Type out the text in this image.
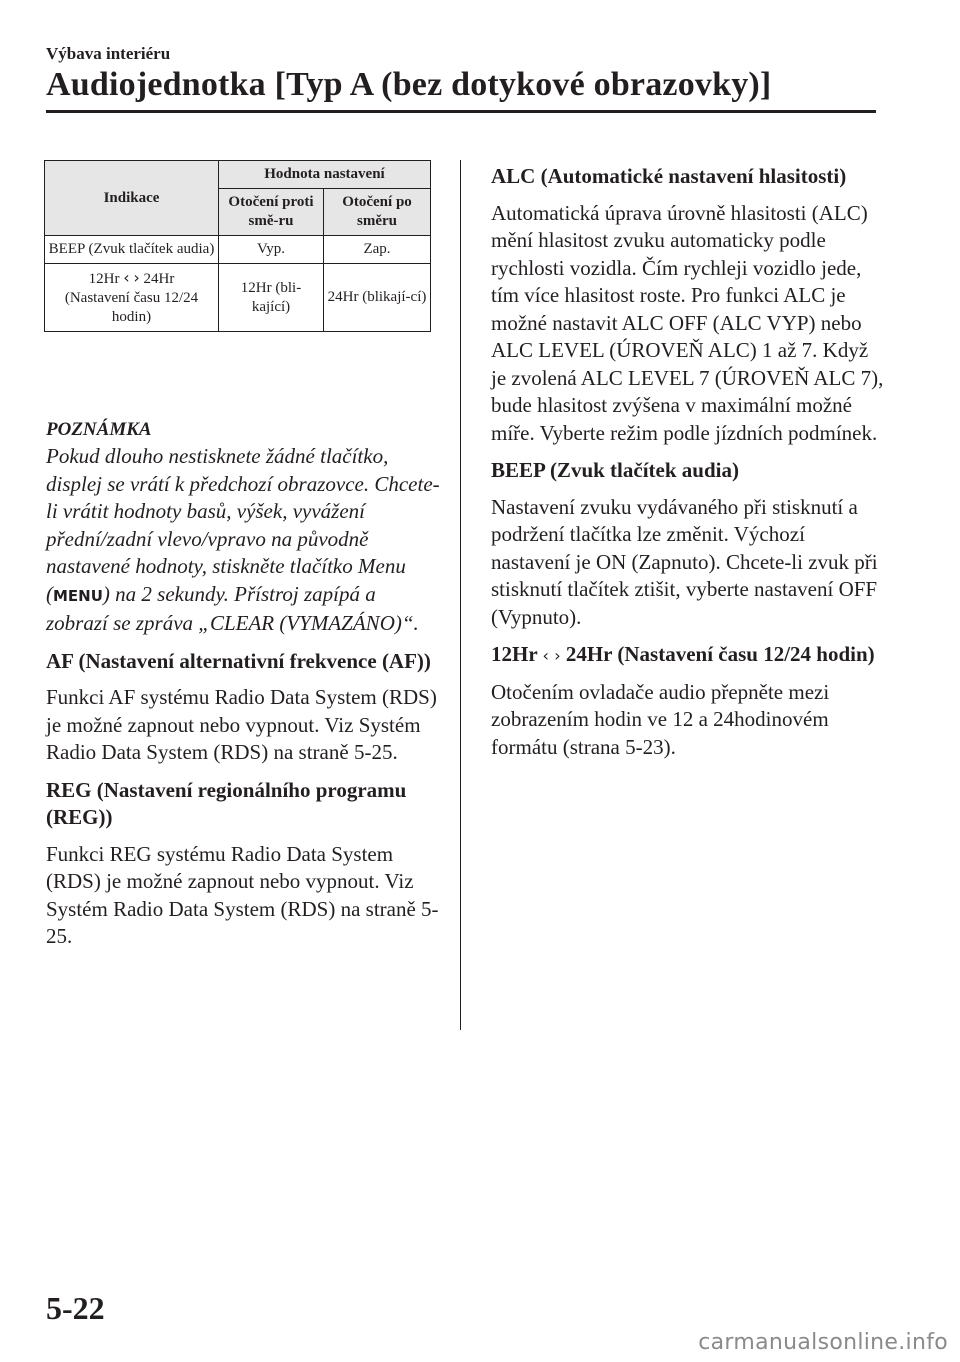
Výbava interiéru
Audiojednotka [Typ A (bez dotykové obrazovky)]
Indikace	Hodnota nastavení	
	Otočení proti smě-ru	Otočení po směru
BEEP (Zvuk tlačítek audia)	Vyp.	Zap.
12Hr ‹ › 24Hr
(Nastavení času 12/24 hodin)	12Hr (bli-kající)	24Hr (blikají-cí)

POZNÁMKA

Pokud dlouho nestisknete žádné tlačítko, displej se vrátí k předchozí obrazovce. Chcete-li vrátit hodnoty basů, výšek, vyvážení přední/zadní vlevo/vpravo na původně nastavené hodnoty, stiskněte tlačítko Menu (MENU) na 2 sekundy. Přístroj zapípá a zobrazí se zpráva „CLEAR (VYMAZÁNO)“.

AF (Nastavení alternativní frekvence (AF))

Funkci AF systému Radio Data System (RDS) je možné zapnout nebo vypnout. Viz Systém Radio Data System (RDS) na straně 5-25.

REG (Nastavení regionálního programu (REG))

Funkci REG systému Radio Data System (RDS) je možné zapnout nebo vypnout. Viz Systém Radio Data System (RDS) na straně 5-25.

ALC (Automatické nastavení hlasitosti)

Automatická úprava úrovně hlasitosti (ALC) mění hlasitost zvuku automaticky podle rychlosti vozidla. Čím rychleji vozidlo jede, tím více hlasitost roste. Pro funkci ALC je možné nastavit ALC OFF (ALC VYP) nebo ALC LEVEL (ÚROVEŇ ALC) 1 až 7. Když je zvolená ALC LEVEL 7 (ÚROVEŇ ALC 7), bude hlasitost zvýšena v maximální možné míře. Vyberte režim podle jízdních podmínek.

BEEP (Zvuk tlačítek audia)

Nastavení zvuku vydávaného při stisknutí a podržení tlačítka lze změnit. Výchozí nastavení je ON (Zapnuto). Chcete-li zvuk při stisknutí tlačítek ztišit, vyberte nastavení OFF (Vypnuto).

12Hr ‹ › 24Hr (Nastavení času 12/24 hodin)

Otočením ovladače audio přepněte mezi zobrazením hodin ve 12 a 24hodinovém formátu (strana 5-23).

5-22
carmanualsonline.info
